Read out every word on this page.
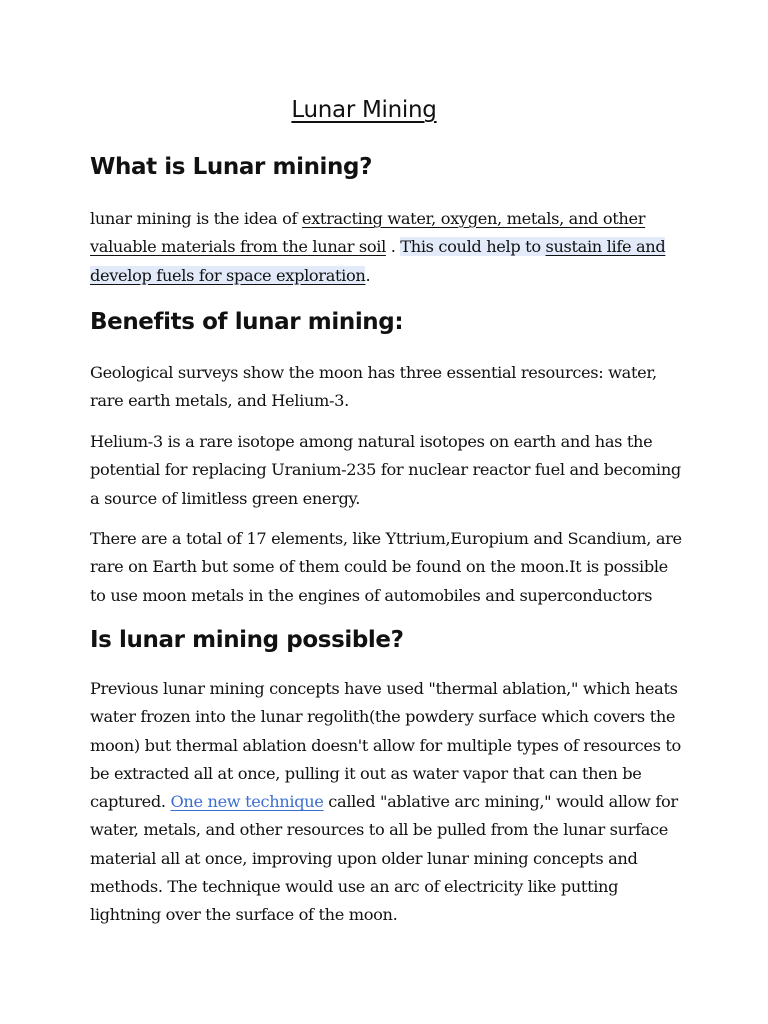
Lunar Mining
What is Lunar mining?

lunar mining is the idea of extracting water, oxygen, metals, and other
valuable materials from the lunar soil . This could help to sustain life and
develop fuels for space exploration.

Benefits of lunar mining:

Geological surveys show the moon has three essential resources: water,
rare earth metals, and Helium-3.

Helium-3 is a rare isotope among natural isotopes on earth and has the
potential for replacing Uranium-235 for nuclear reactor fuel and becoming
a source of limitless green energy.

There are a total of 17 elements, like Yttrium,Europium and Scandium, are
rare on Earth but some of them could be found on the moon.It is possible
to use moon metals in the engines of automobiles and superconductors

Is lunar mining possible?

Previous lunar mining concepts have used "thermal ablation," which heats
water frozen into the lunar regolith(the powdery surface which covers the
moon) but thermal ablation doesn't allow for multiple types of resources to
be extracted all at once, pulling it out as water vapor that can then be
captured. One new technique called "ablative arc mining," would allow for
water, metals, and other resources to all be pulled from the lunar surface
material all at once, improving upon older lunar mining concepts and
methods. The technique would use an arc of electricity like putting
lightning over the surface of the moon.
